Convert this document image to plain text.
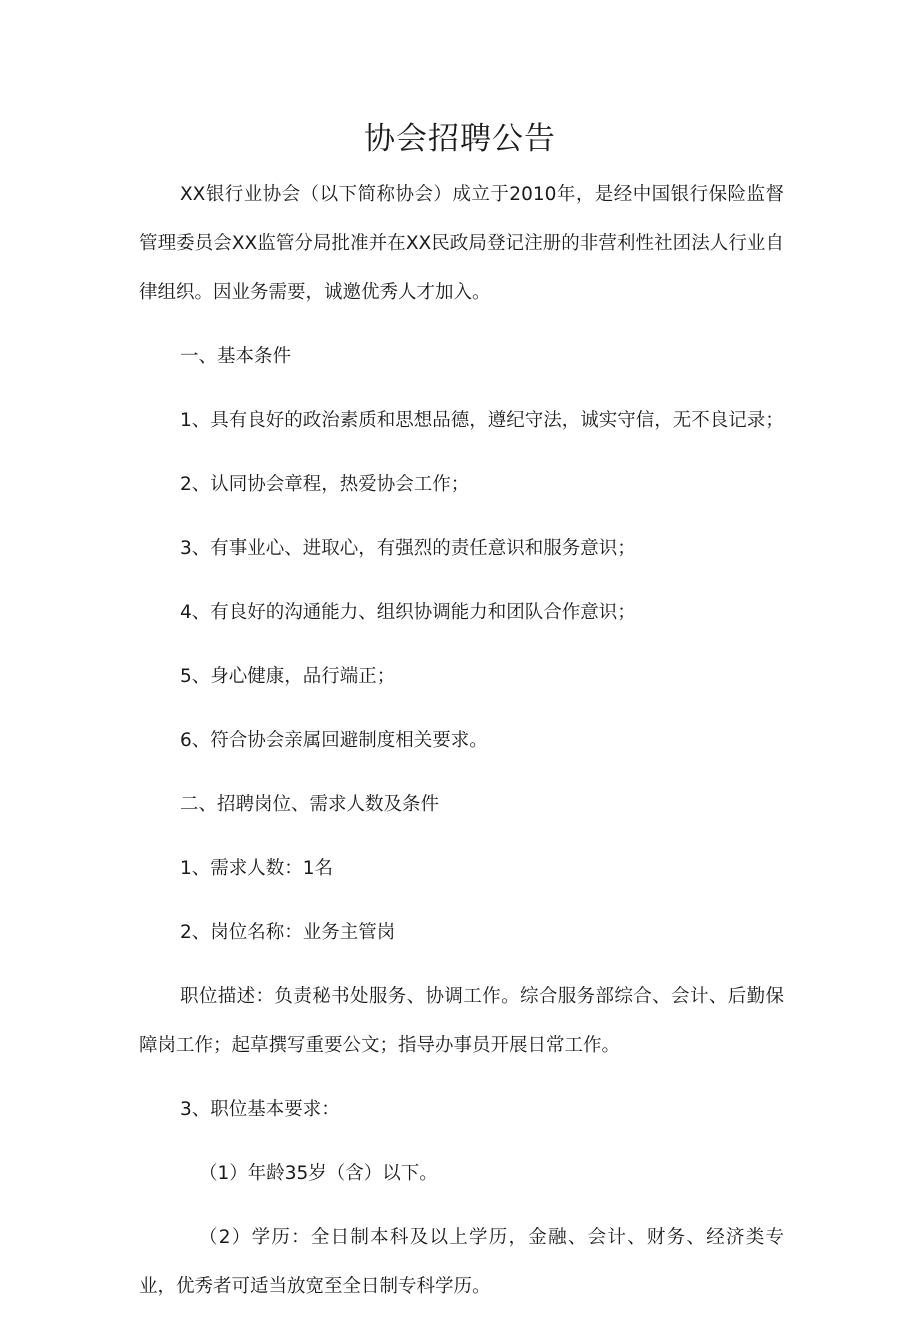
协会招聘公告

XX银行业协会（以下简称协会）成立于2010年，是经中国银行保险监督管理委员会XX监管分局批准并在XX民政局登记注册的非营利性社团法人行业自律组织。因业务需要，诚邀优秀人才加入。

一、基本条件

1、具有良好的政治素质和思想品德，遵纪守法，诚实守信，无不良记录；

2、认同协会章程，热爱协会工作；

3、有事业心、进取心，有强烈的责任意识和服务意识；

4、有良好的沟通能力、组织协调能力和团队合作意识；

5、身心健康，品行端正；

6、符合协会亲属回避制度相关要求。

二、招聘岗位、需求人数及条件

1、需求人数：1名

2、岗位名称：业务主管岗

职位描述：负责秘书处服务、协调工作。综合服务部综合、会计、后勤保障岗工作；起草撰写重要公文；指导办事员开展日常工作。

3、职位基本要求：

（1）年龄35岁（含）以下。

（2）学历：全日制本科及以上学历，金融、会计、财务、经济类专业，优秀者可适当放宽至全日制专科学历。
